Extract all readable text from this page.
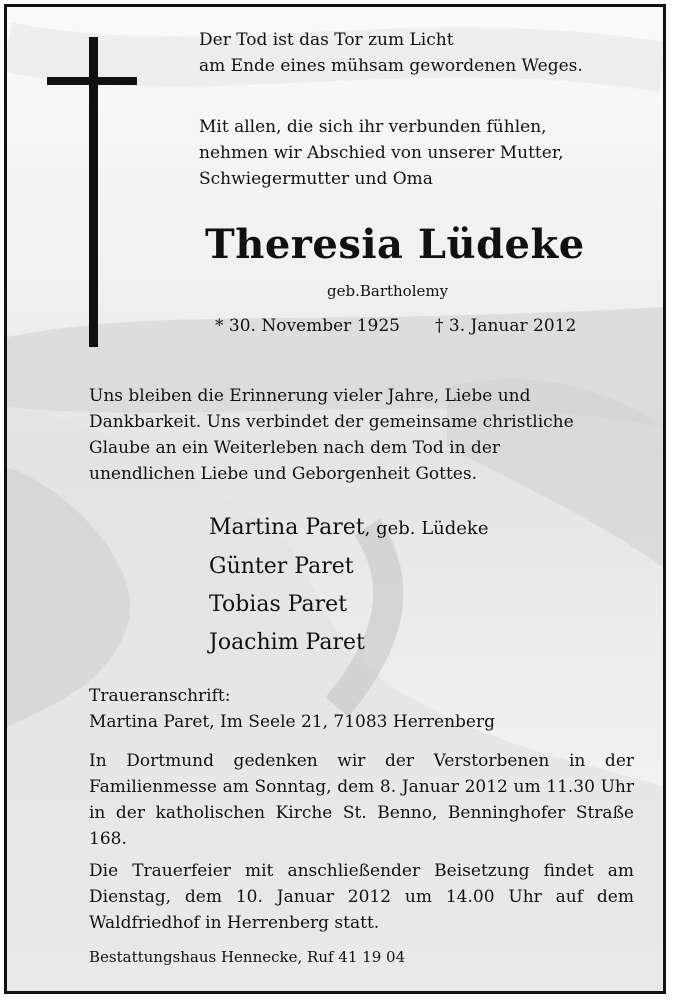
Der Tod ist das Tor zum Licht
am Ende eines mühsam gewordenen Weges.
Mit allen, die sich ihr verbunden fühlen,
nehmen wir Abschied von unserer Mutter,
Schwiegermutter und Oma
Theresia Lüdeke
geb.Bartholemy
* 30. November 1925 † 3. Januar 2012
Uns bleiben die Erinnerung vieler Jahre, Liebe und
Dankbarkeit. Uns verbindet der gemeinsame christliche
Glaube an ein Weiterleben nach dem Tod in der
unendlichen Liebe und Geborgenheit Gottes.
Martina Paret, geb. Lüdeke
Günter Paret
Tobias Paret
Joachim Paret
Traueranschrift:
Martina Paret, Im Seele 21, 71083 Herrenberg
In Dortmund gedenken wir der Verstorbenen in der Familienmesse am Sonntag, dem 8. Januar 2012 um 11.30 Uhr in der katholischen Kirche St. Benno, Benninghofer Straße 168.
Die Trauerfeier mit anschließender Beisetzung findet am Dienstag, dem 10. Januar 2012 um 14.00 Uhr auf dem Waldfriedhof in Herrenberg statt.
Bestattungshaus Hennecke, Ruf 41 19 04
